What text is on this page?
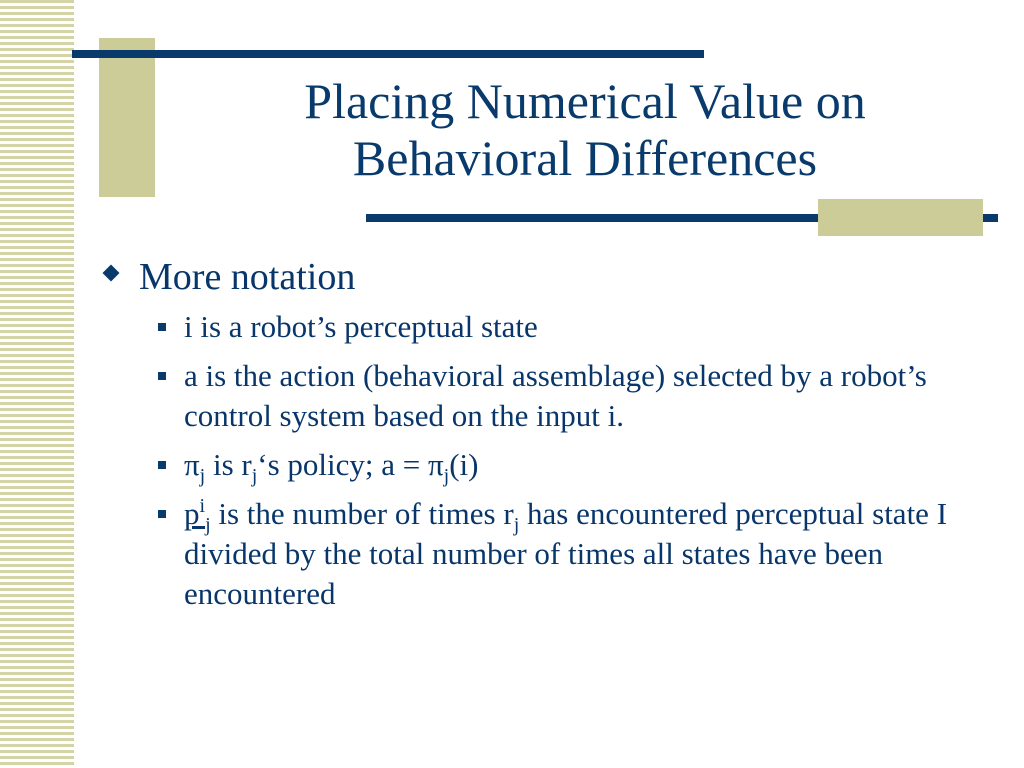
Placing Numerical Value on
Behavioral Differences
More notation
i is a robot’s perceptual state
a is the action (behavioral assemblage) selected by a robot’s control system based on the input i.
$\pi_j$ is $r_j‘s$ policy; $a = \pi_j(i)$
$p^i_j$ is the number of times $r_j$ has encountered perceptual state I divided by the total number of times all states have been encountered
